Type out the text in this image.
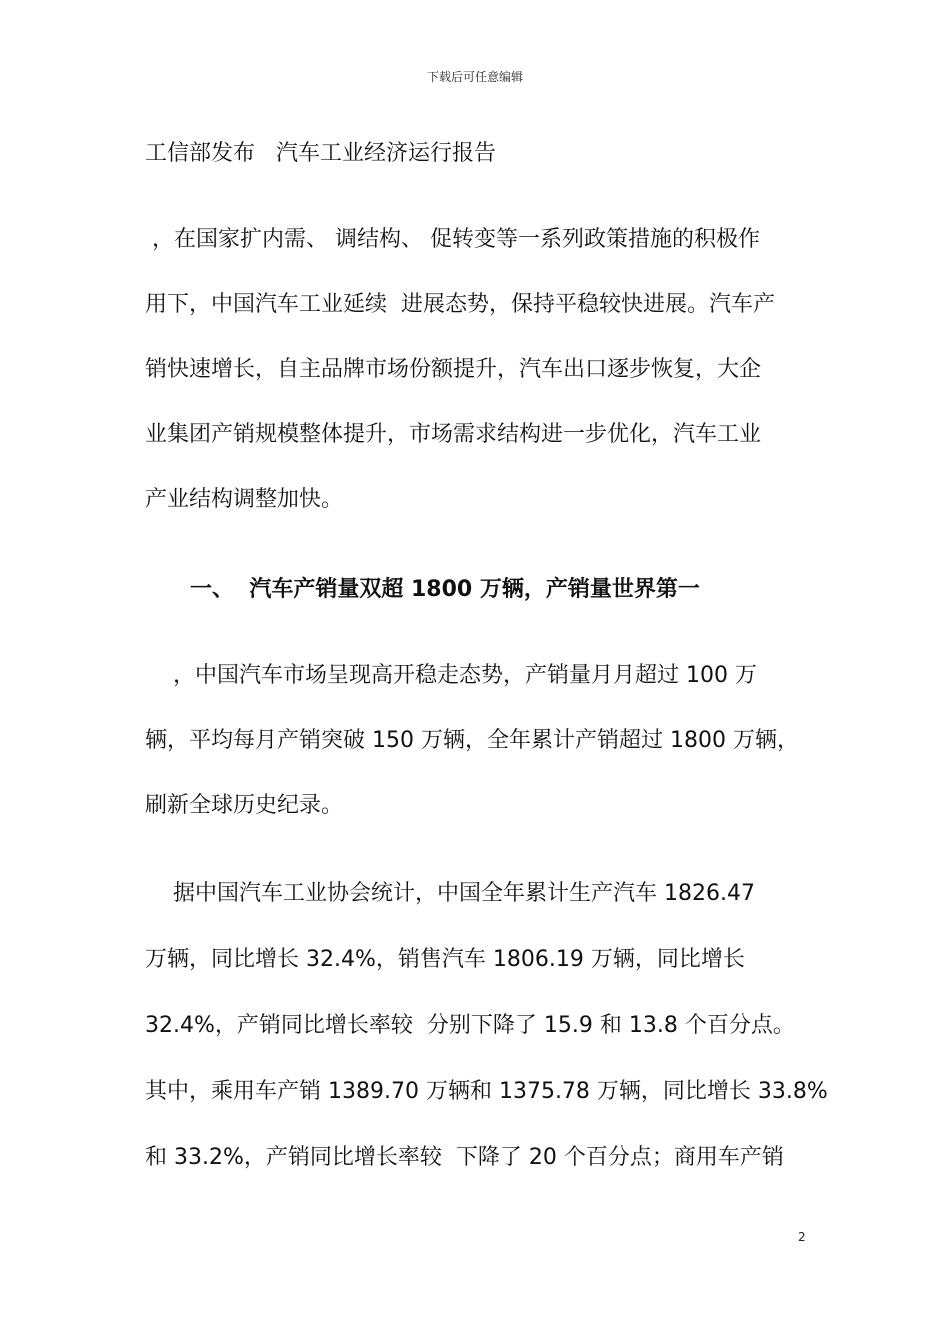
下载后可任意编辑
工信部发布   汽车工业经济运行报告
，在国家扩内需、 调结构、 促转变等一系列政策措施的积极作
用下，中国汽车工业延续  进展态势，保持平稳较快进展。汽车产
销快速增长，自主品牌市场份额提升，汽车出口逐步恢复，大企
业集团产销规模整体提升，市场需求结构进一步优化，汽车工业
产业结构调整加快。
一、  汽车产销量双超 1800 万辆，产销量世界第一
，中国汽车市场呈现高开稳走态势，产销量月月超过 100 万
辆，平均每月产销突破 150 万辆，全年累计产销超过 1800 万辆，
刷新全球历史纪录。
据中国汽车工业协会统计，中国全年累计生产汽车 1826.47
万辆，同比增长 32.4%，销售汽车 1806.19 万辆，同比增长
32.4%，产销同比增长率较  分别下降了 15.9 和 13.8 个百分点。
其中，乘用车产销 1389.70 万辆和 1375.78 万辆，同比增长 33.8%
和 33.2%，产销同比增长率较  下降了 20 个百分点；商用车产销
2
